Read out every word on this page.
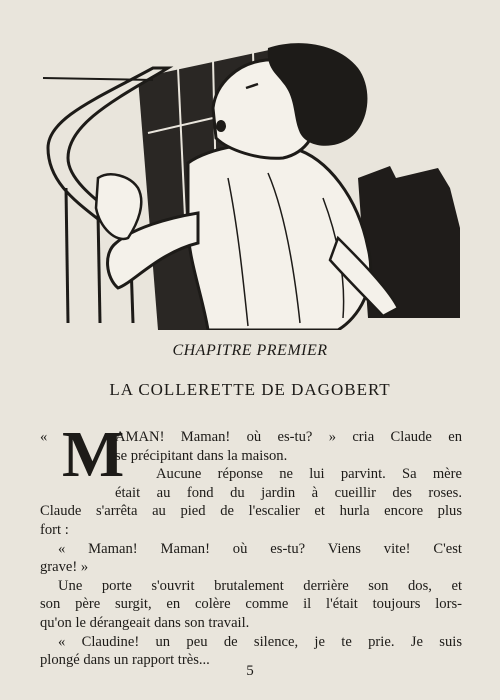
CHAPITRE PREMIER
LA COLLERETTE DE DAGOBERT
« M
AMAN! Maman! où es-tu? » cria Claude en
se précipitant dans la maison.
Aucune réponse ne lui parvint. Sa mère
était au fond du jardin à cueillir des roses.
Claude s'arrêta au pied de l'escalier et hurla encore plus
fort :
« Maman! Maman! où es-tu? Viens vite! C'est
grave! »
Une porte s'ouvrit brutalement derrière son dos, et
son père surgit, en colère comme il l'était toujours lors-
qu'on le dérangeait dans son travail.
« Claudine! un peu de silence, je te prie. Je suis
plongé dans un rapport très...
5
